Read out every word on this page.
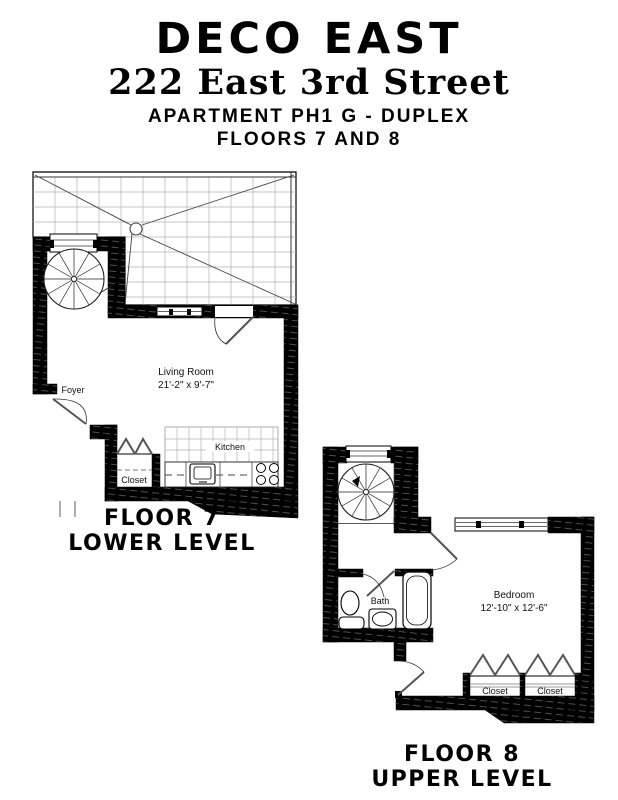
DECO EAST
222 East 3rd Street
APARTMENT PH1 G - DUPLEX
FLOORS 7 AND 8
Living Room
21'-2" x 9'-7"
Foyer
Kitchen
Closet
Bedroom
12'-10" x 12'-6"
Bath
Closet	Closet
FLOOR 7
LOWER LEVEL
FLOOR 8
UPPER LEVEL
